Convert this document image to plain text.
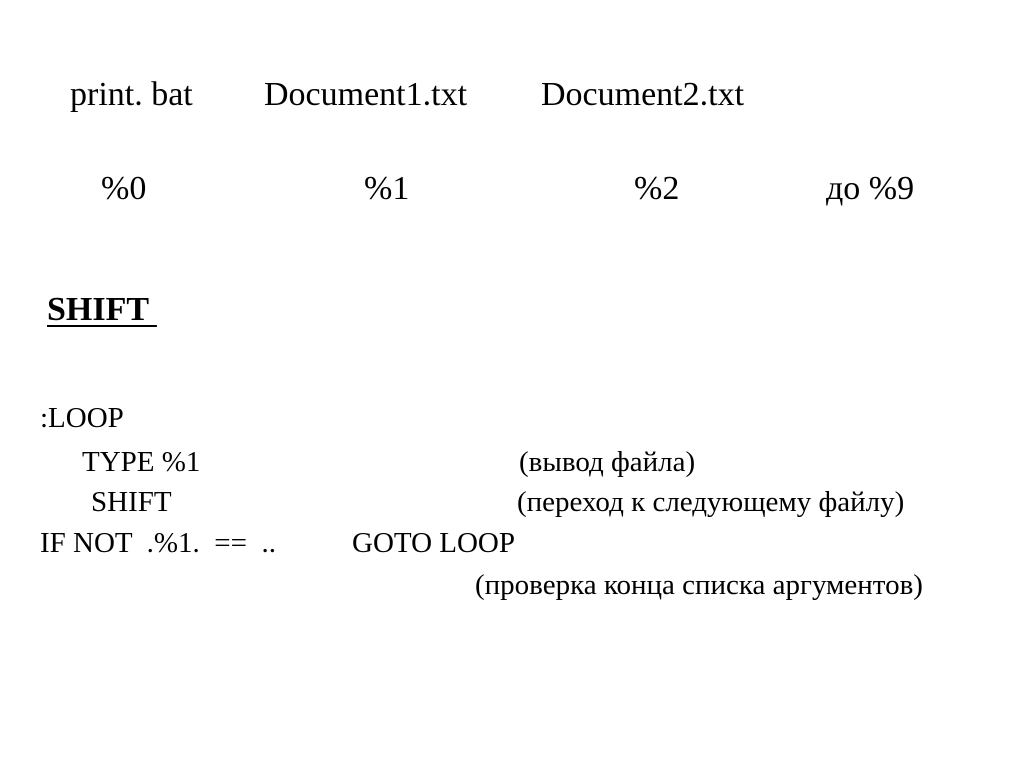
print. bat Document1.txt Document2.txt
%0	%1	%2	до %9
SHIFT
:LOOP
TYPE %1	(вывод файла)
SHIFT	(переход к следующему файлу)
IF NOT  .%1.  ==  ..	GOTO LOOP
(проверка конца списка аргументов)
